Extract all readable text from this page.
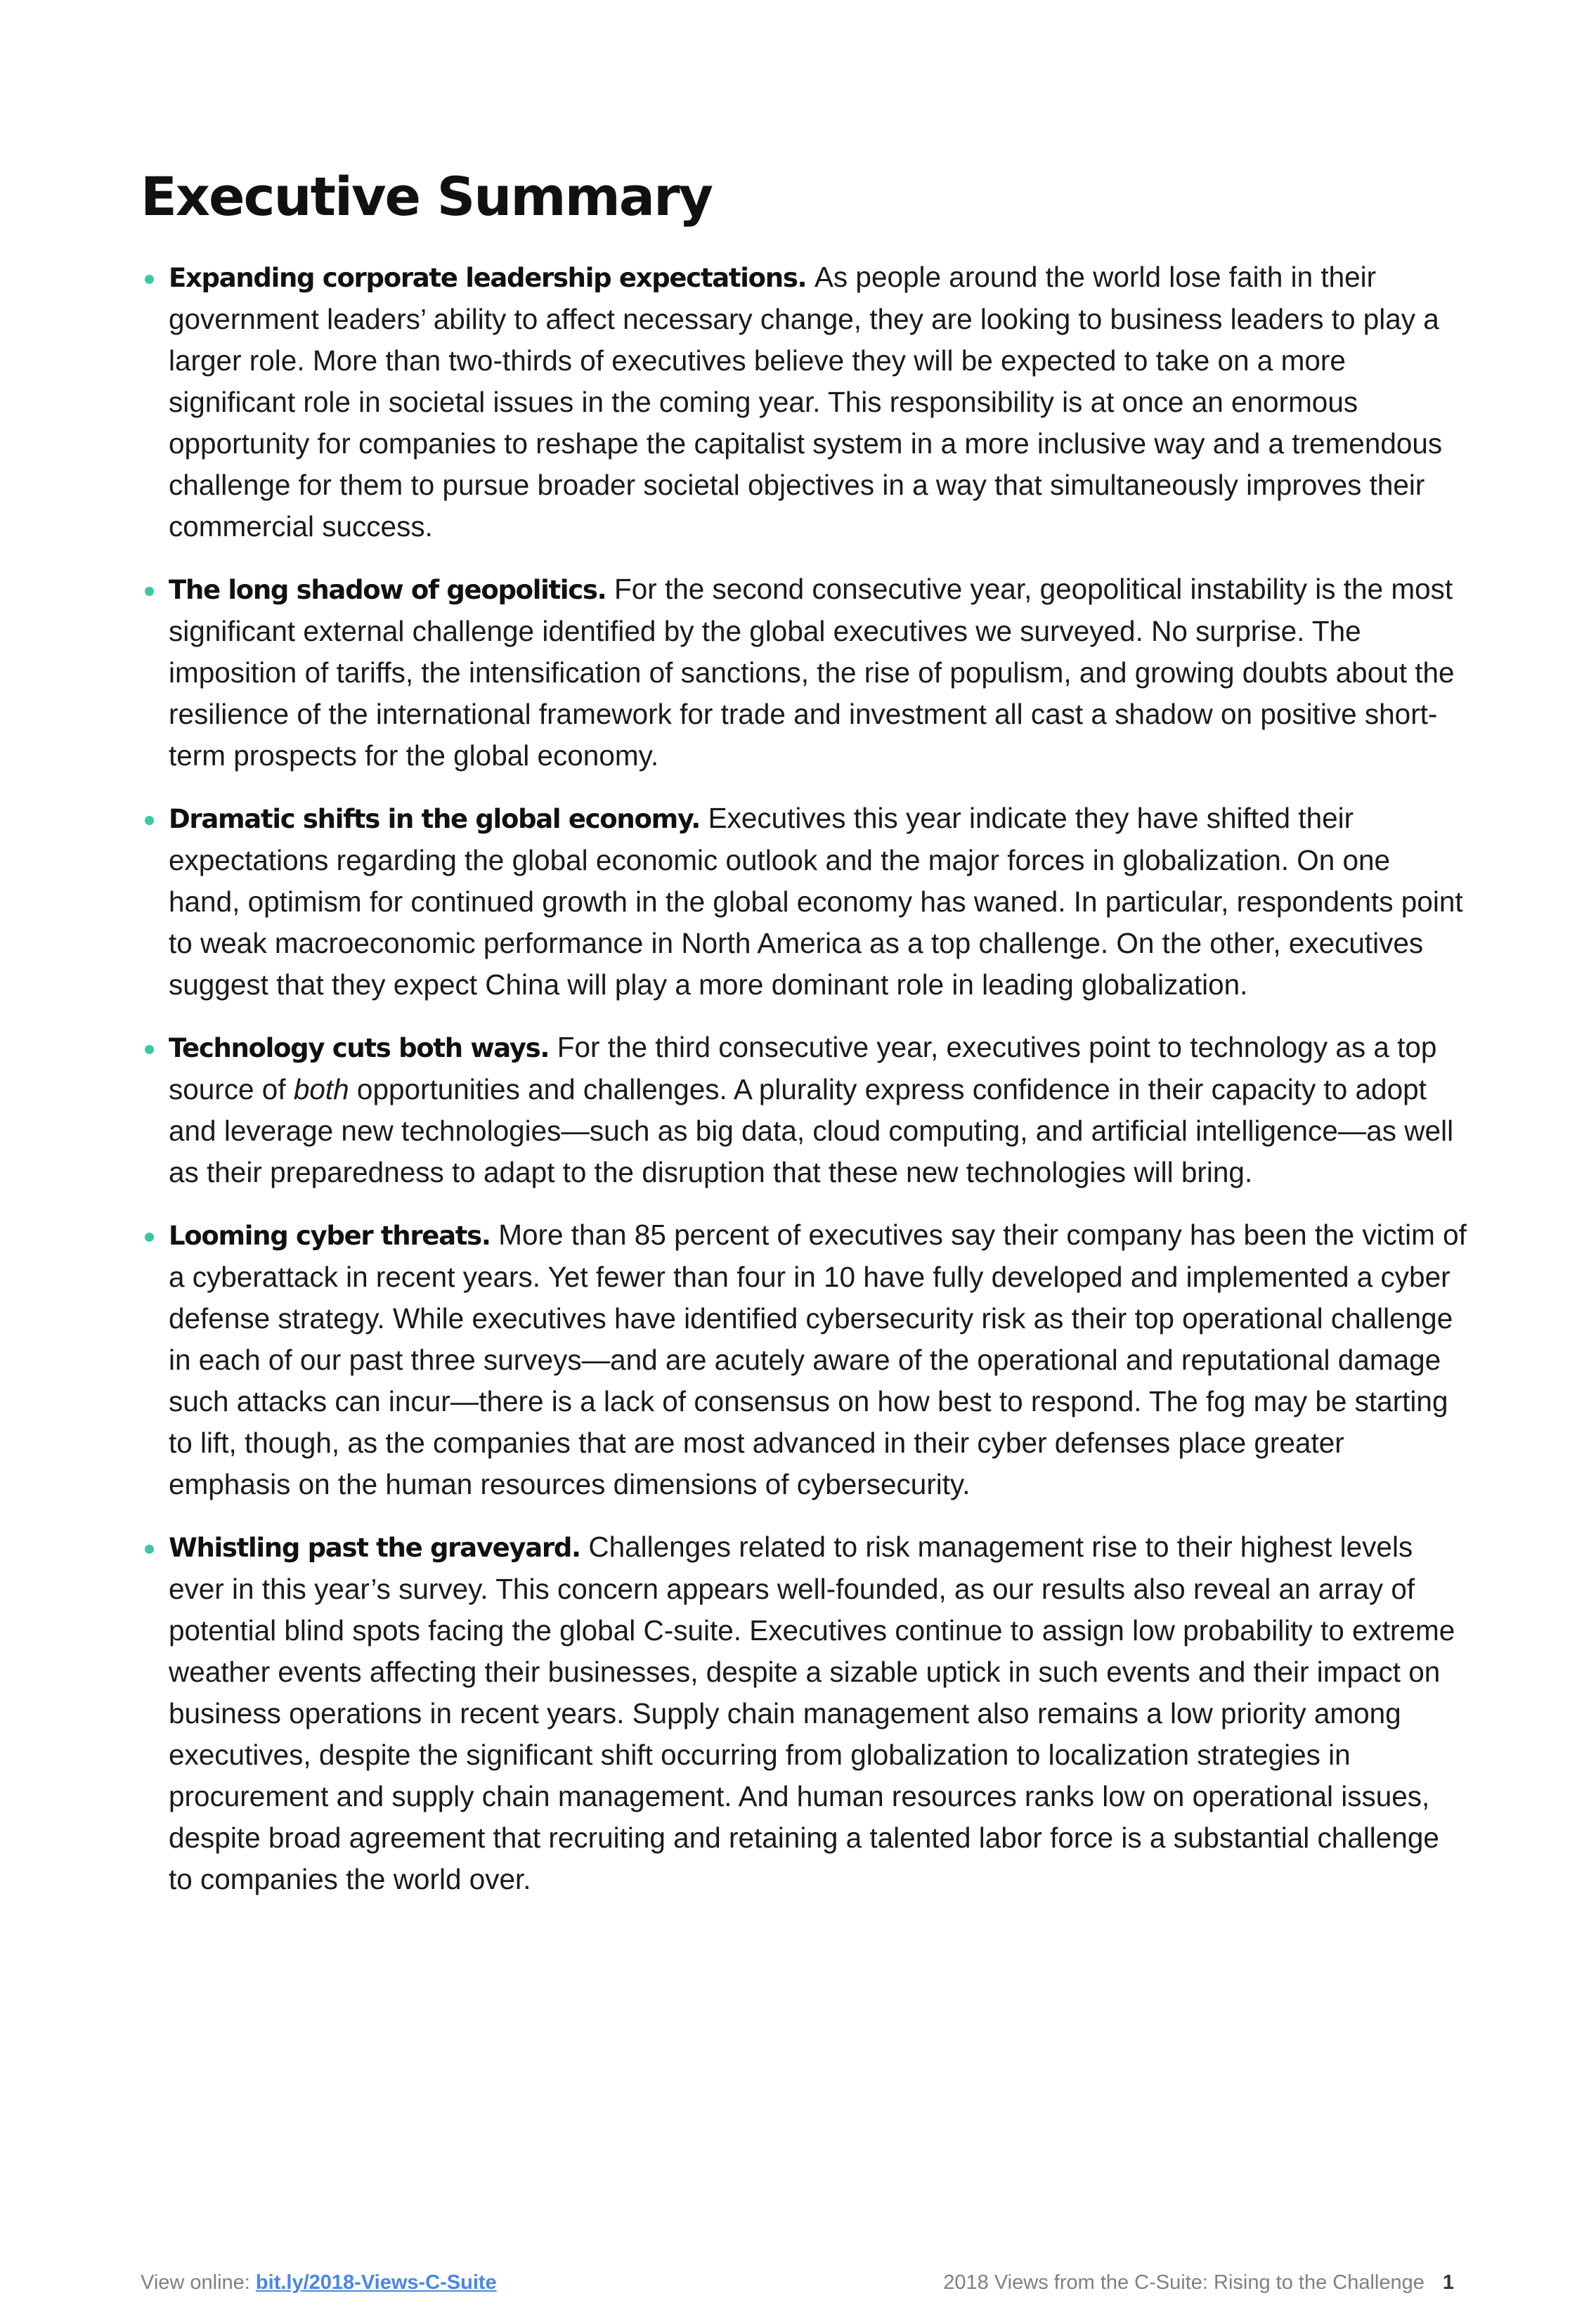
Executive Summary
Expanding corporate leadership expectations. As people around the world lose faith in their government leaders’ ability to affect necessary change, they are looking to business leaders to play a larger role. More than two-thirds of executives believe they will be expected to take on a more significant role in societal issues in the coming year. This responsibility is at once an enormous opportunity for companies to reshape the capitalist system in a more inclusive way and a tremendous challenge for them to pursue broader societal objectives in a way that simultaneously improves their commercial success.
The long shadow of geopolitics. For the second consecutive year, geopolitical instability is the most significant external challenge identified by the global executives we surveyed. No surprise. The imposition of tariffs, the intensification of sanctions, the rise of populism, and growing doubts about the resilience of the international framework for trade and investment all cast a shadow on positive short-term prospects for the global economy.
Dramatic shifts in the global economy. Executives this year indicate they have shifted their expectations regarding the global economic outlook and the major forces in globalization. On one hand, optimism for continued growth in the global economy has waned. In particular, respondents point to weak macroeconomic performance in North America as a top challenge. On the other, executives suggest that they expect China will play a more dominant role in leading globalization.
Technology cuts both ways. For the third consecutive year, executives point to technology as a top source of both opportunities and challenges. A plurality express confidence in their capacity to adopt and leverage new technologies—such as big data, cloud computing, and artificial intelligence—as well as their preparedness to adapt to the disruption that these new technologies will bring.
Looming cyber threats. More than 85 percent of executives say their company has been the victim of a cyberattack in recent years. Yet fewer than four in 10 have fully developed and implemented a cyber defense strategy. While executives have identified cybersecurity risk as their top operational challenge in each of our past three surveys—and are acutely aware of the operational and reputational damage such attacks can incur—there is a lack of consensus on how best to respond. The fog may be starting to lift, though, as the companies that are most advanced in their cyber defenses place greater emphasis on the human resources dimensions of cybersecurity.
Whistling past the graveyard. Challenges related to risk management rise to their highest levels ever in this year’s survey. This concern appears well-founded, as our results also reveal an array of potential blind spots facing the global C-suite. Executives continue to assign low probability to extreme weather events affecting their businesses, despite a sizable uptick in such events and their impact on business operations in recent years. Supply chain management also remains a low priority among executives, despite the significant shift occurring from globalization to localization strategies in procurement and supply chain management. And human resources ranks low on operational issues, despite broad agreement that recruiting and retaining a talented labor force is a substantial challenge to companies the world over.
View online: bit.ly/2018-Views-C-Suite	2018 Views from the C-Suite: Rising to the Challenge 1
